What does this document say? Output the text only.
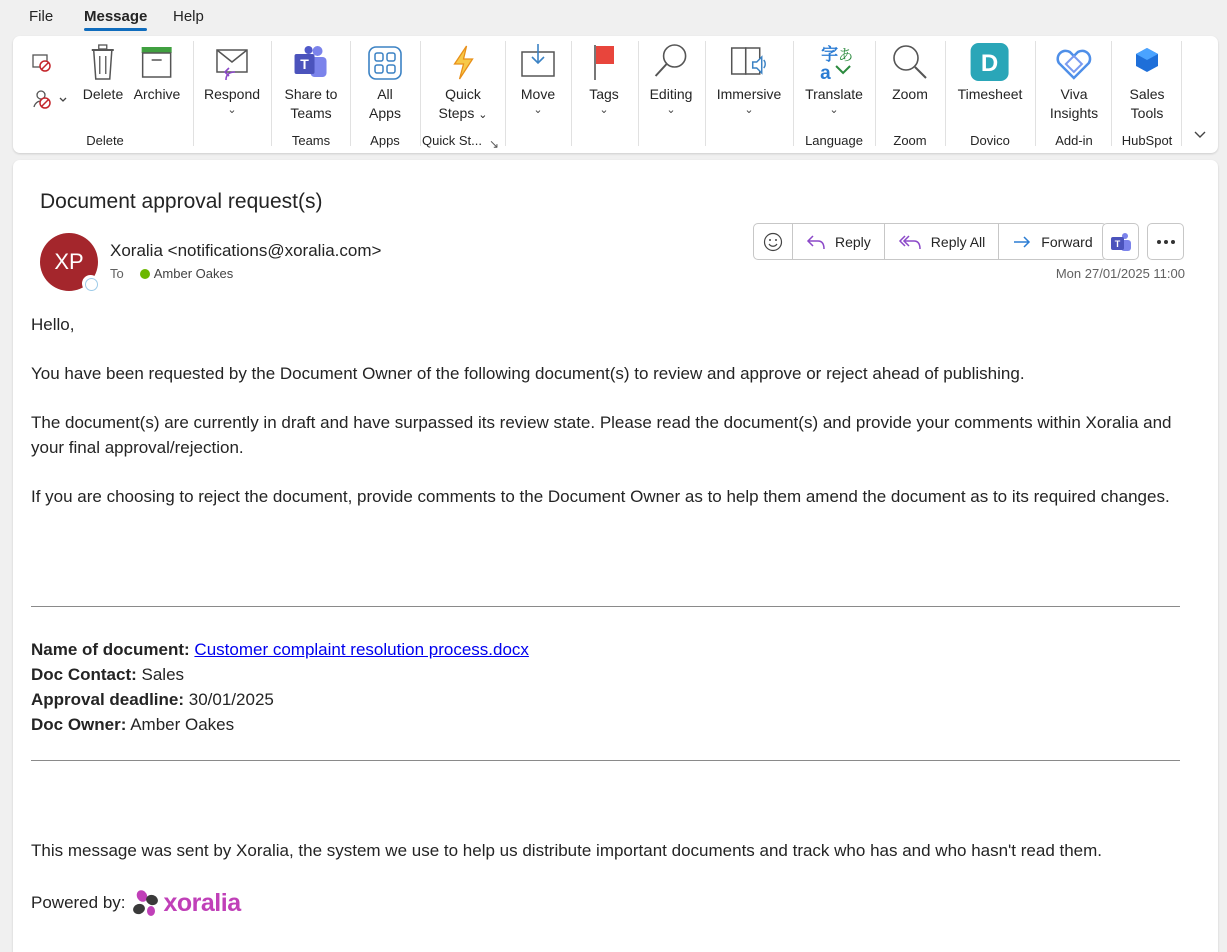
File Message Help
Delete Archive
Delete
Respond
⌄
T
Share to
Teams
Teams
All
Apps
Apps
Quick
Steps ⌄
Quick St... ↘
Move
⌄
Tags
⌄
Editing
⌄
Immersive
⌄
字 あ
a
Translate
⌄
Language
Zoom
Zoom
D
Timesheet
Dovico
Viva
Insights
Add-in
Sales
Tools
HubSpot
Document approval request(s)
XP	Xoralia <notifications@xoralia.com>
To Amber Oakes
Reply	Reply All	Forward T
Mon 27/01/2025 11:00

Hello,

You have been requested by the Document Owner of the following document(s) to review and approve or reject ahead of publishing.

The document(s) are currently in draft and have surpassed its review state. Please read the document(s) and provide your comments within Xoralia and your final approval/rejection.

If you are choosing to reject the document, provide comments to the Document Owner as to help them amend the document as to its required changes.

Name of document: Customer complaint resolution process.docx
Doc Contact: Sales
Approval deadline: 30/01/2025
Doc Owner: Amber Oakes
This message was sent by Xoralia, the system we use to help us distribute important documents and track who has and who hasn't read them.
Powered by: xoralia
